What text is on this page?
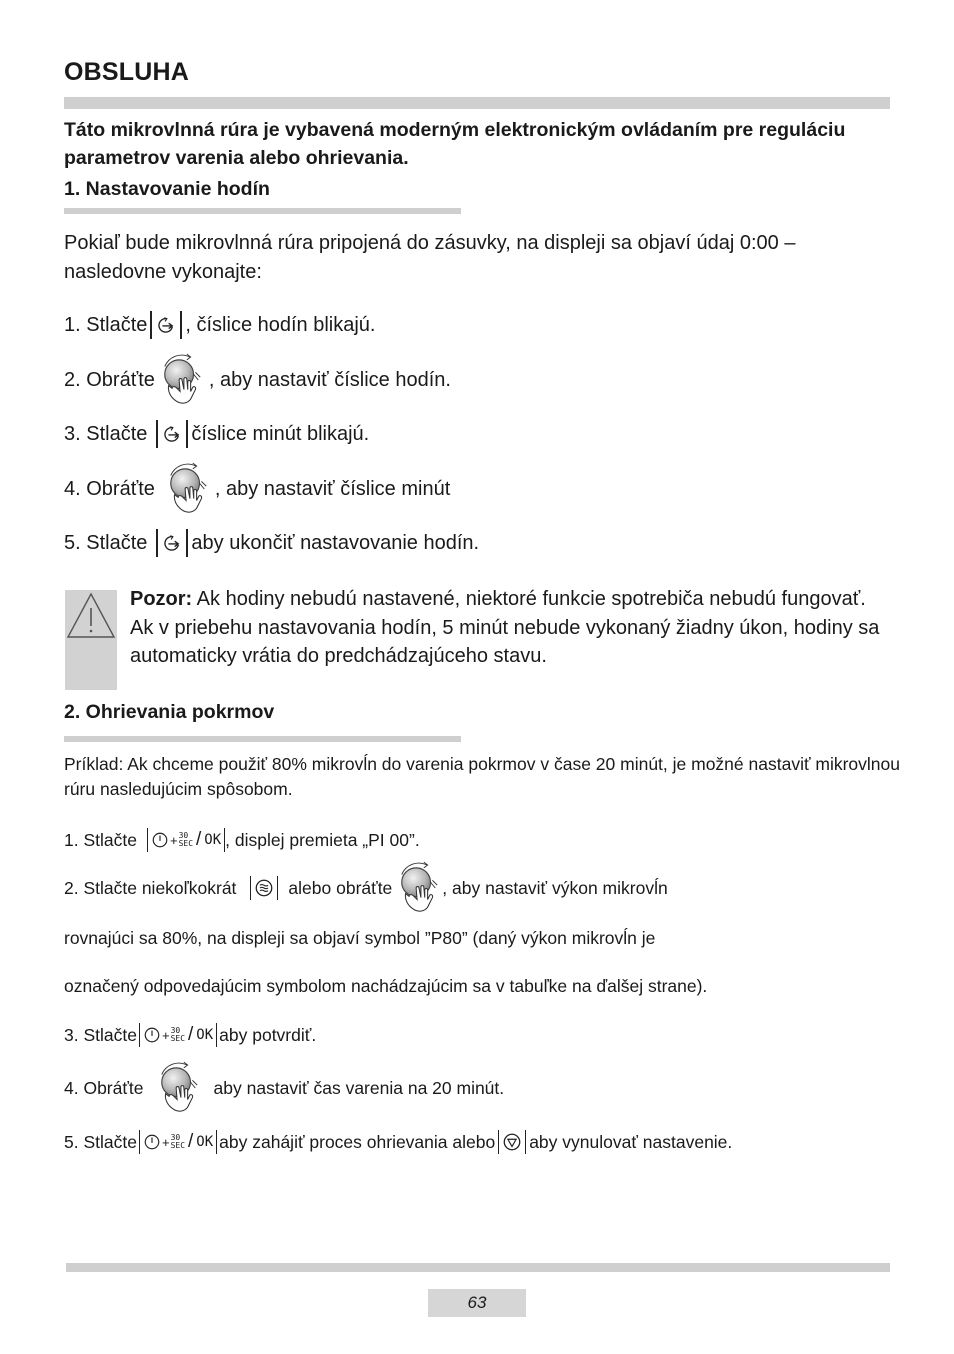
OBSLUHA
Táto mikrovlnná rúra je vybavená moderným elektronickým ovládaním pre reguláciu parametrov varenia alebo ohrievania.
1. Nastavovanie hodín
Pokiaľ bude mikrovlnná rúra pripojená do zásuvky, na displeji sa objaví údaj 0:00 – nasledovne vykonajte:
1. Stlačte , číslice hodín blikajú.
2. Obráťte	, aby nastaviť číslice hodín.
3. Stlačte číslice minút blikajú.
4. Obráťte	, aby nastaviť číslice minút
5. Stlačte aby ukončiť nastavovanie hodín.
Pozor: Ak hodiny nebudú nastavené, niektoré funkcie spotrebiča nebudú fungovať. Ak v priebehu nastavovania hodín, 5 minút nebude vykonaný žiadny úkon, hodiny sa automaticky vrátia do predchádzajúceho stavu.
2. Ohrievania pokrmov
Príklad: Ak chceme použiť 80% mikrovĺn do varenia pokrmov v čase 20 minút, je možné nastaviť mikrovlnou rúru nasledujúcim spôsobom.
1. Stlačte	+ 30
SEC / OK , displej premieta „PI 00”.
2. Stlačte niekoľkokrát	alebo obráťte	, aby nastaviť výkon mikrovĺn
rovnajúci sa 80%, na displeji sa objaví symbol ”P80” (daný výkon mikrovĺn je
označený odpovedajúcim symbolom nachádzajúcim sa v tabuľke na ďalšej strane).
3. Stlačte + 30
SEC / OK aby potvrdiť.
4. Obráťte	aby nastaviť čas varenia na 20 minút.
5. Stlačte + 30
SEC / OK aby zahájiť proces ohrievania alebo aby vynulovať nastavenie.
63
